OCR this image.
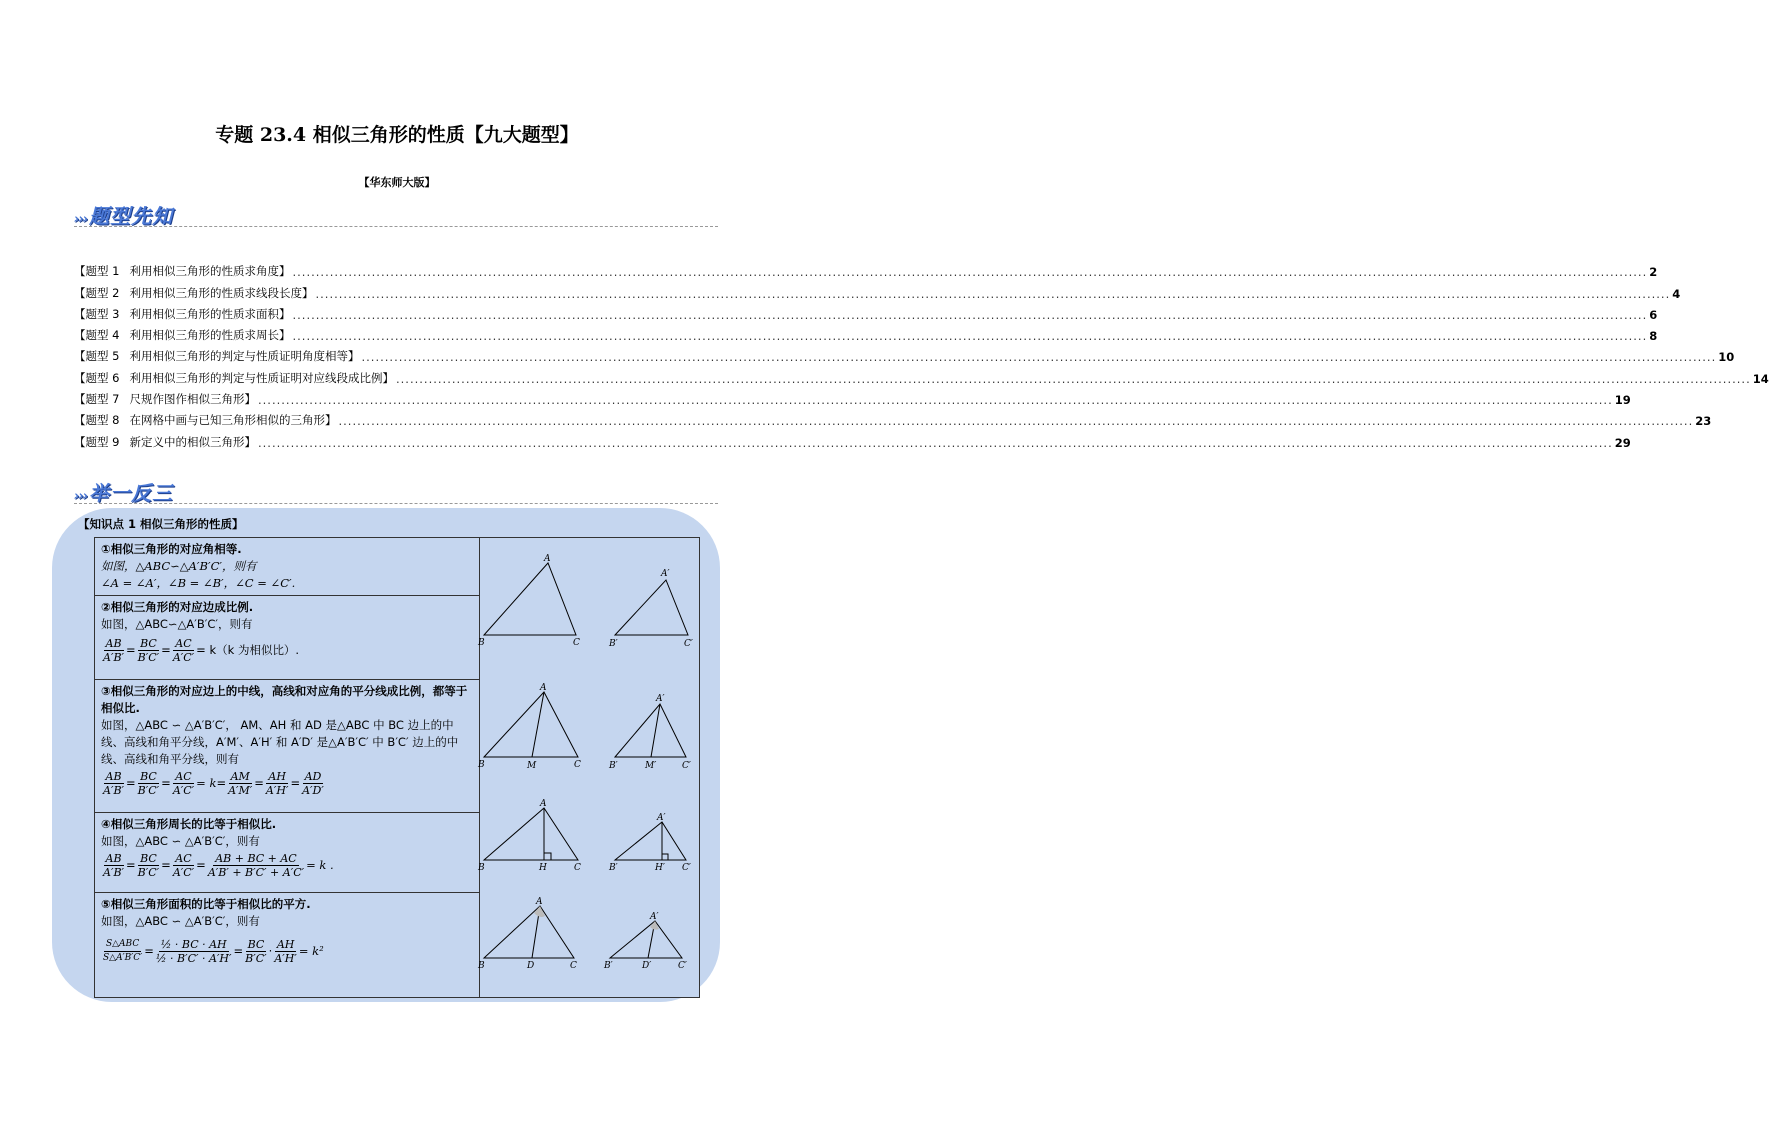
专题 23.4 相似三角形的性质【九大题型】
【华东师大版】
››› 题型先知
【题型 1 利用相似三角形的性质求角度】 .....	2
【题型 2 利用相似三角形的性质求线段长度】 .....	4
【题型 3 利用相似三角形的性质求面积】 .....	6
【题型 4 利用相似三角形的性质求周长】 .....	8
【题型 5 利用相似三角形的判定与性质证明角度相等】 .....	10
【题型 6 利用相似三角形的判定与性质证明对应线段成比例】 .....	14
【题型 7 尺规作图作相似三角形】 .....	19
【题型 8 在网格中画与已知三角形相似的三角形】 .....	23
【题型 9 新定义中的相似三角形】 .....	29
››› 举一反三
【知识点 1 相似三角形的性质】
①相似三角形的对应角相等.
如图，△ABC∽△A′B′C′，则有
∠A = ∠A′，∠B = ∠B′，∠C = ∠C′.
②相似三角形的对应边成比例.
如图，△ABC∽△A′B′C′，则有
$\frac{AB}{A'B'} = \frac{BC}{B'C'} = \frac{AC}{A'C'} = k(k$ 为相似比）.
③相似三角形的对应边上的中线，高线和对应角的平分线成比例，都等于相似比.
如图，△ABC ∽ △A′B′C′， AM、AH 和 AD 是△ABC 中 BC 边上的中线、高线和角平分线，A′M′、A′H′ 和 A′D′ 是△A′B′C′ 中 B′C′ 边上的中线、高线和角平分线，则有
$\frac{AB}{A'B'} = \frac{BC}{B'C'} = \frac{AC}{A'C'} = k= \frac{AM}{A'M'} = \frac{AH}{A'H'} = \frac{AD}{A'D'}$
④相似三角形周长的比等于相似比.
如图，△ABC ∽ △A′B′C′，则有
$\frac{AB}{A'B'} = \frac{BC}{B'C'} = \frac{AC}{A'C'} = \frac{AB + BC + AC}{A'B' + B'C' + A'C'} = k$ .
⑤相似三角形面积的比等于相似比的平方.
如图，△ABC ∽ △A′B′C′，则有
$\frac{\text{S△ABC}}{S\triangle A'B'C'} = \frac{\text{½ · BC · AH}}{\text{½ · B′C′ · A′H′}} = \frac{BC}{B'C'} \cdot \frac{AH}{A'H'} = k^2$
A
B	C
A′
B′	C′
A
B	M	C
A′
B′	M′	C′
A
B	H	C
A′
B′	H′ C′
A
B	D	C
A′
B′	D′	C′
